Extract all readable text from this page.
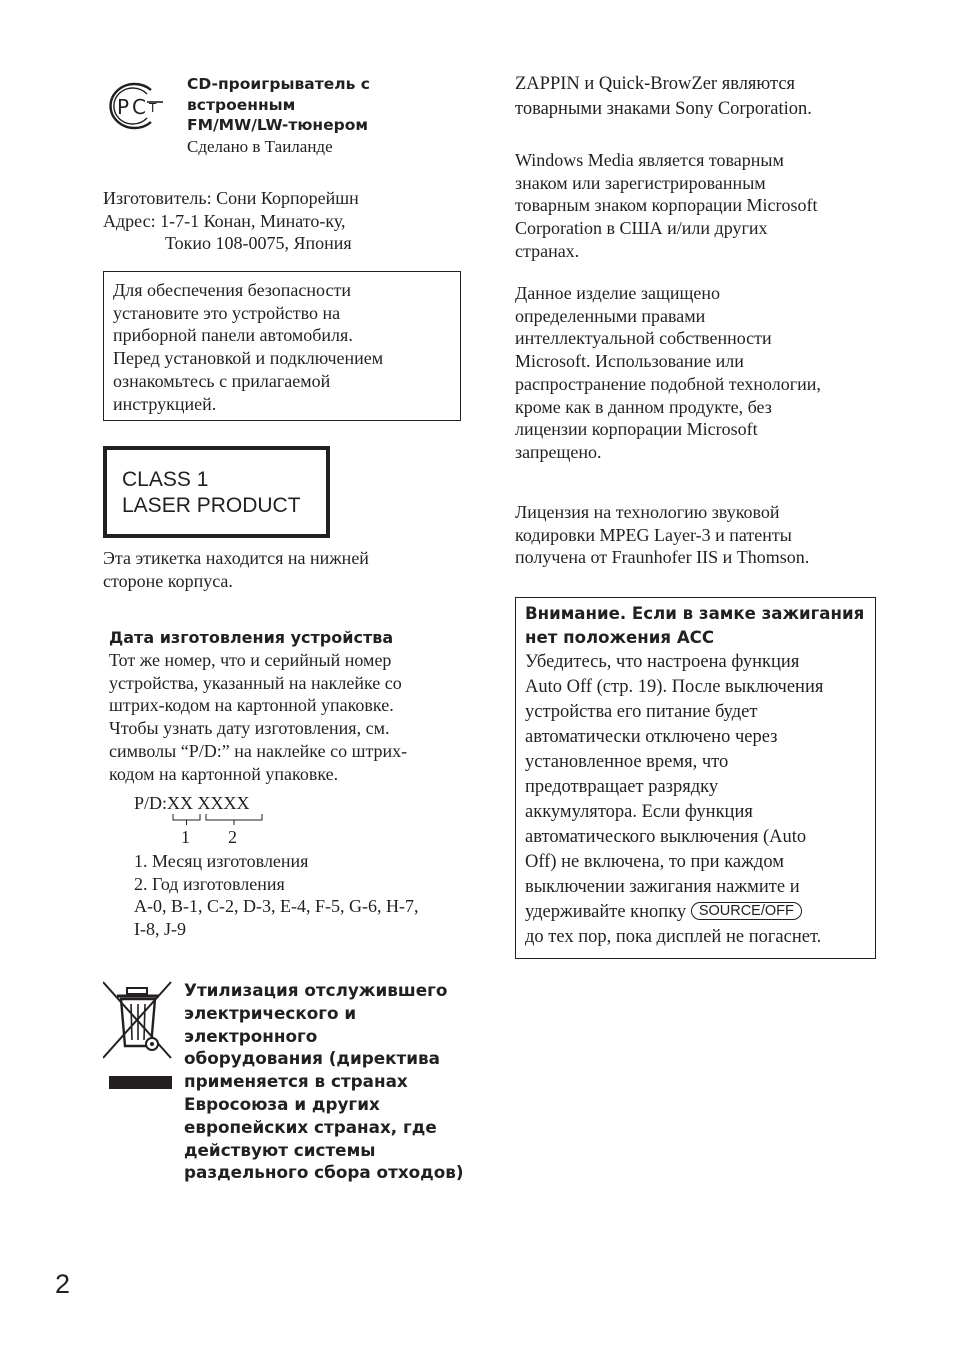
Р С Т
CD-проигрыватель с
встроенным
FM/MW/LW-тюнером
Сделано в Таиланде
Изготовитель: Сони Корпорейшн
Адрес: 1-7-1 Конан, Минато-ку,
Токио 108-0075, Япония
Для обеспечения безопасности
установите это устройство на
приборной панели автомобиля.
Перед установкой и подключением
ознакомьтесь с прилагаемой
инструкцией.
CLASS 1
LASER PRODUCT
Эта этикетка находится на нижней
стороне корпуса.
Дата изготовления устройства
Тот же номер, что и серийный номер
устройства, указанный на наклейке со
штрих-кодом на картонной упаковке.
Чтобы узнать дату изготовления, см.
символы “P/D:” на наклейке со штрих-
кодом на картонной упаковке.
P/D:XX XXXX
1 2
1. Месяц изготовления
2. Год изготовления
A-0, B-1, C-2, D-3, E-4, F-5, G-6, H-7,
I-8, J-9
Утилизация отслужившего
электрического и
электронного
оборудования (директива
применяется в странах
Евросоюза и других
европейских странах, где
действуют системы
раздельного сбора отходов)
ZAPPIN и Quick-BrowZer являются
товарными знаками Sony Corporation.
Windows Media является товарным
знаком или зарегистрированным
товарным знаком корпорации Microsoft
Corporation в США и/или других
странах.
Данное изделие защищено
определенными правами
интеллектуальной собственности
Microsoft. Использование или
распространение подобной технологии,
кроме как в данном продукте, без
лицензии корпорации Microsoft
запрещено.
Лицензия на технологию звуковой
кодировки MPEG Layer-3 и патенты
получена от Fraunhofer IIS и Thomson.
Внимание. Если в замке зажигания
нет положения ACC
Убедитесь, что настроена функция
Auto Off (стр. 19). После выключения
устройства его питание будет
автоматически отключено через
установленное время, что
предотвращает разрядку
аккумулятора. Если функция
автоматического выключения (Auto
Off) не включена, то при каждом
выключении зажигания нажмите и
удерживайте кнопку SOURCE/OFF
до тех пор, пока дисплей не погаснет.
2
